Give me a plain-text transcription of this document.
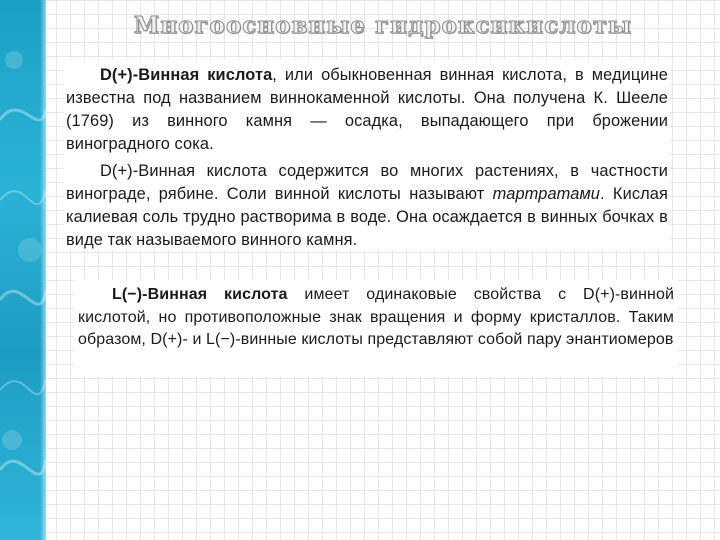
Многоосновные гидроксикислоты

D(+)-Винная кислота, или обыкновенная винная кислота, в медицине известна под названием виннокаменной кислоты. Она получена К. Шееле (1769) из винного камня — осадка, выпадающего при брожении виноградного сока.

D(+)-Винная кислота содержится во многих растениях, в частности винограде, рябине. Соли винной кислоты называют тартратами. Кислая калиевая соль трудно растворима в воде. Она осаждается в винных бочках в виде так называемого винного камня.

L(−)-Винная кислота имеет одинаковые свойства с D(+)-винной кислотой, но противоположные знак вращения и форму кристаллов. Таким образом, D(+)- и L(−)-винные кислоты представляют собой пару энантиомеров
